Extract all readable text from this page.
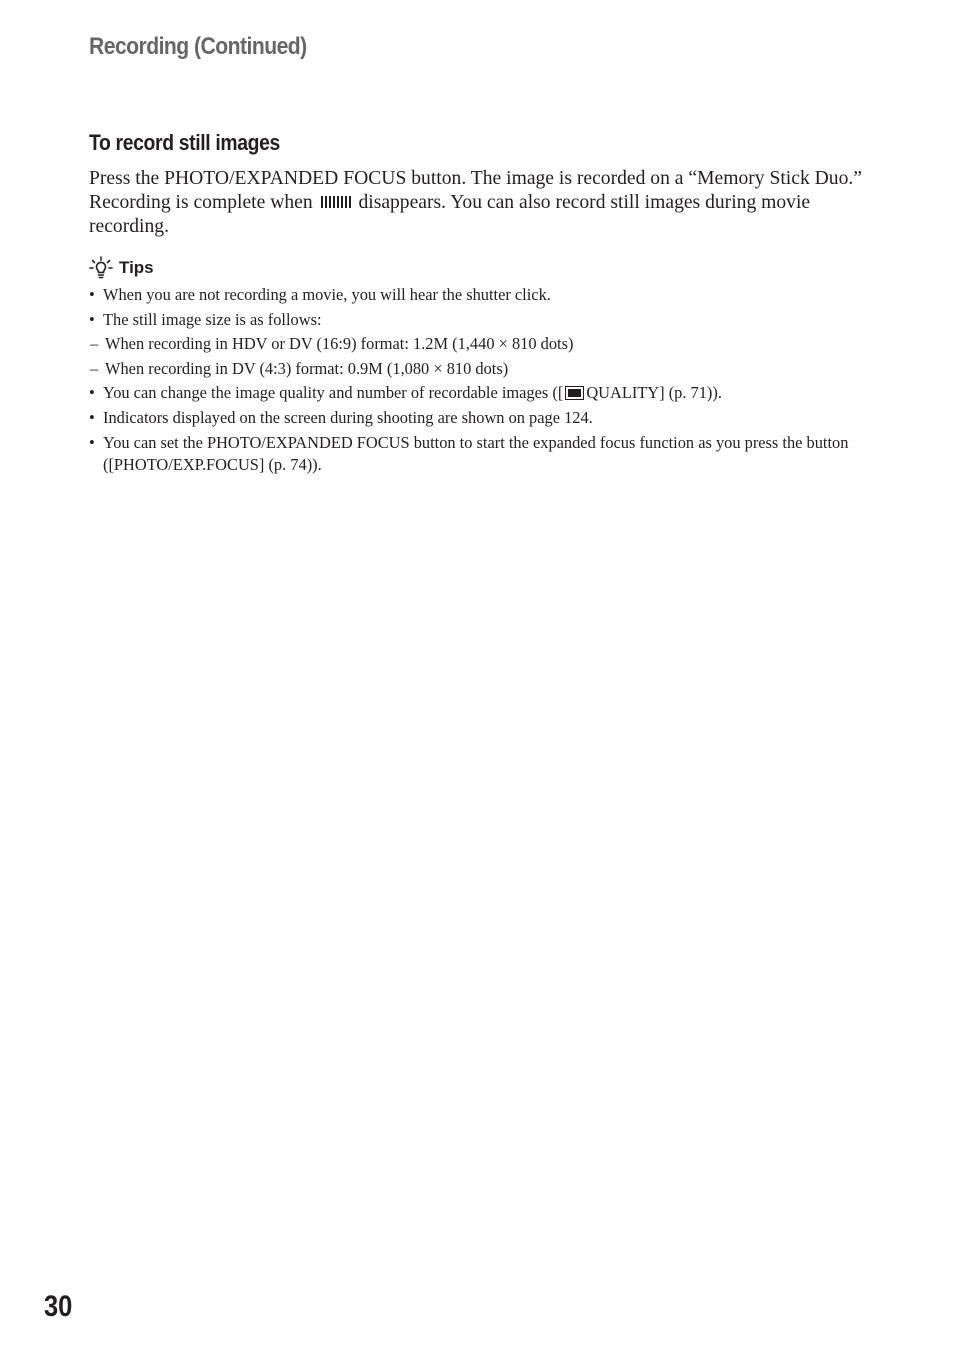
Recording (Continued)
To record still images

Press the PHOTO/EXPANDED FOCUS button. The image is recorded on a “Memory Stick Duo.” Recording is complete when disappears. You can also record still images during movie recording.

Tips
• When you are not recording a movie, you will hear the shutter click.
• The still image size is as follows:
– When recording in HDV or DV (16:9) format: 1.2M (1,440 × 810 dots)
– When recording in DV (4:3) format: 0.9M (1,080 × 810 dots)
• You can change the image quality and number of recordable images ([ QUALITY] (p. 71)).
• Indicators displayed on the screen during shooting are shown on page 124.
• You can set the PHOTO/EXPANDED FOCUS button to start the expanded focus function as you press the button ([PHOTO/EXP.FOCUS] (p. 74)).
30
